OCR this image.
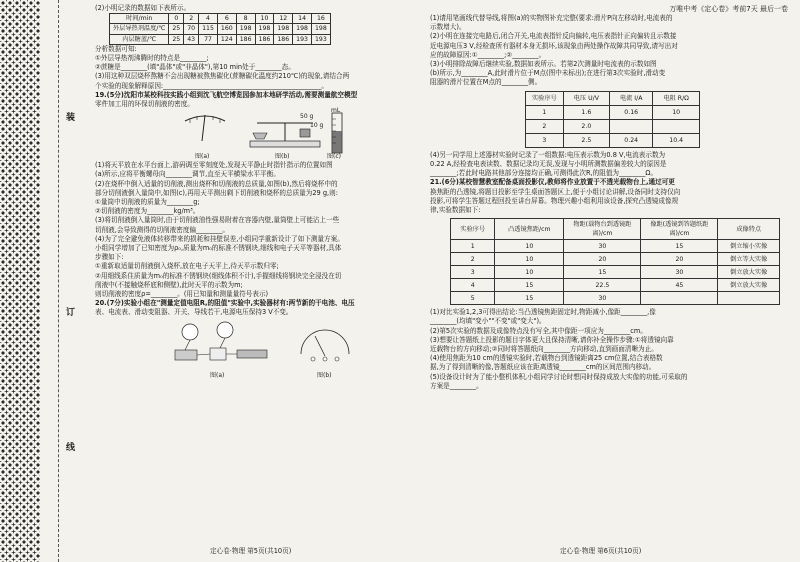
装
订
线
万唯中考《定心卷》考前7天 最后一卷

(2)小明记录的数据如下表所示。

时间/min	0	2	4	6	8	10	12	14	16
外层导热剂温度/℃	25	70	115	160	198	198	198	198	198
内层糖蓝/℃	25	43	77	124	186	186	186	193	193

分析数据可知:

①外层导热剂沸腾时的特点是________;

②蔗糖是________(填"晶体"或"非晶体"),第10 min处于________态。

(3)用这种双层烧杯熬糖不会出现糖被熬焦碳化(蔗糖碳化温度约210℃)的现象,请结合两

个实验的现象解释原因:________________________________________________。

19.(5分)沈阳市某校科技实践小组到沈飞航空博览园参加本地研学活动,需要测量航空模型

零件加工用的环保切削液的密度。

50 g
10 g
mL
图(a)	图(b)	图(c)

(1)将天平放在水平台面上,游码调至零刻度处,发现天平静止时指针指示的位置如图

(a)所示,应将平衡螺母向________调节,直至天平横梁水平平衡。

(2)在烧杯中倒入适量的切削液,测出烧杯和切削液的总质量,如图(b),然后将烧杯中的

部分切削液倒入量筒中,如图(c),再用天平测出剩下切削液和烧杯的总质量为29 g,则:

①量筒中切削液的质量为________g;

②切削液的密度为________kg/m³。

(3)将切削液倒入量筒时,由于切削液油性强易附着在容器内壁,量筒壁上可能沾上一些

切削液,会导致测得的切削液密度偏________。

(4)为了完全避免液体转移带来的损耗和挂壁误差,小组同学重新设计了如下测量方案。

小组同学增加了已知密度为ρ₀,质量为m₀的标准不锈钢块,细线和电子天平等器材,具体

步骤如下:

①重新取适量切削液倒入烧杯,放在电子天平上,待天平示数归零;

②用细线系住质量为m₀的标准不锈钢块(细线体积不计),手握细线将钢块完全浸没在切

削液中(不接触烧杯底和侧壁),此时天平的示数为m;

则切削液的密度ρ=________。(用已知量和测量量符号表示)

20.(7分)实验小组在"测量定值电阻R,的阻值"实验中,实验器材有:两节新的干电池、电压

表、电流表、滑动变阻器、开关、导线若干,电源电压保持3 V不变。

图(a)	图(b)
定心卷·物理 第5页(共10页)

(1)请用笔画线代替导线,将图(a)的实物图补充完整(要求:滑片P向左移动时,电流表的

示数增大)。

(2)小明在连接完电路后,闭合开关,电流表指针反向偏转,电压表指针正向偏转且示数接

近电源电压3 V,经检查所有器材本身无损坏,该现象由两处操作故障共同导致,请写出对

应的故障原因:①________;②________。

(3)小明排除故障后继续实验,数据如表所示。若第2次测量时电流表的示数如图

(b)所示,为________A,此时滑片位于M点(图中未标出);在进行第3次实验时,滑动变

阻器的滑片位置在M点的________侧。

实验序号	电压 U/V	电流 I/A	电阻 R/Ω
1	1.6	0.16	10
2	2.0		
3	2.5	0.24	10.4

(4)另一同学用上述器材实验时记录了一组数据:电压表示数为0.8 V,电流表示数为

0.22 A,经检查电表读数、数据记录均无误,发现与小明所测数据偏差较大的原因是

________;若此时电路其他部分连接均正确,可测得此次R,的阻值为________Ω。

21.(6分)某校智慧教室配备桌面投影仪,教师将作业放置于不透光载物台上,通过可更

换焦距的凸透镜,将题目投影至学生桌面答题区上,便于小组讨论讲解,设备同时支持仅向

投影,可将学生答题过程回投至讲台屏幕。物理兴趣小组利用该设备,探究凸透镜成像规

律,实验数据如下:

实验序号	凸透镜焦距/cm	物距(载物台到透镜距离)/cm	像距(透镜到答题纸距离)/cm	成像特点
1	10	30	15	倒立缩小实像
2	10	20	20	倒立等大实像
3	10	15	30	倒立放大实像
4	15	22.5	45	倒立放大实像
5	15	30		

(1)对比实验1,2,3可得出结论:当凸透镜焦距固定时,物距减小,像距________,像

________(均填"变小""不变"或"变大")。

(2)第5次实验的数据及成像特点没有写全,其中像距一项应为________cm。

(3)想要让答题纸上投影的题目字体更大且保持清晰,请你补全操作步骤:①将透镜向靠

近载物台的方向移动;②同时将答题纸向________方向移动,直到画面清晰为止。

(4)使用焦距为10 cm的透镜实验时,若载物台到透镜距离25 cm位置,结合表格数

据,为了得到清晰的像,答题纸应该在距离透镜________cm的区间范围内移动。

(5)设备设计时为了能小整机体积,小组同学讨论时想同时保持成放大实像的功能,可采取的

方案是________。

定心卷·物理 第6页(共10页)
